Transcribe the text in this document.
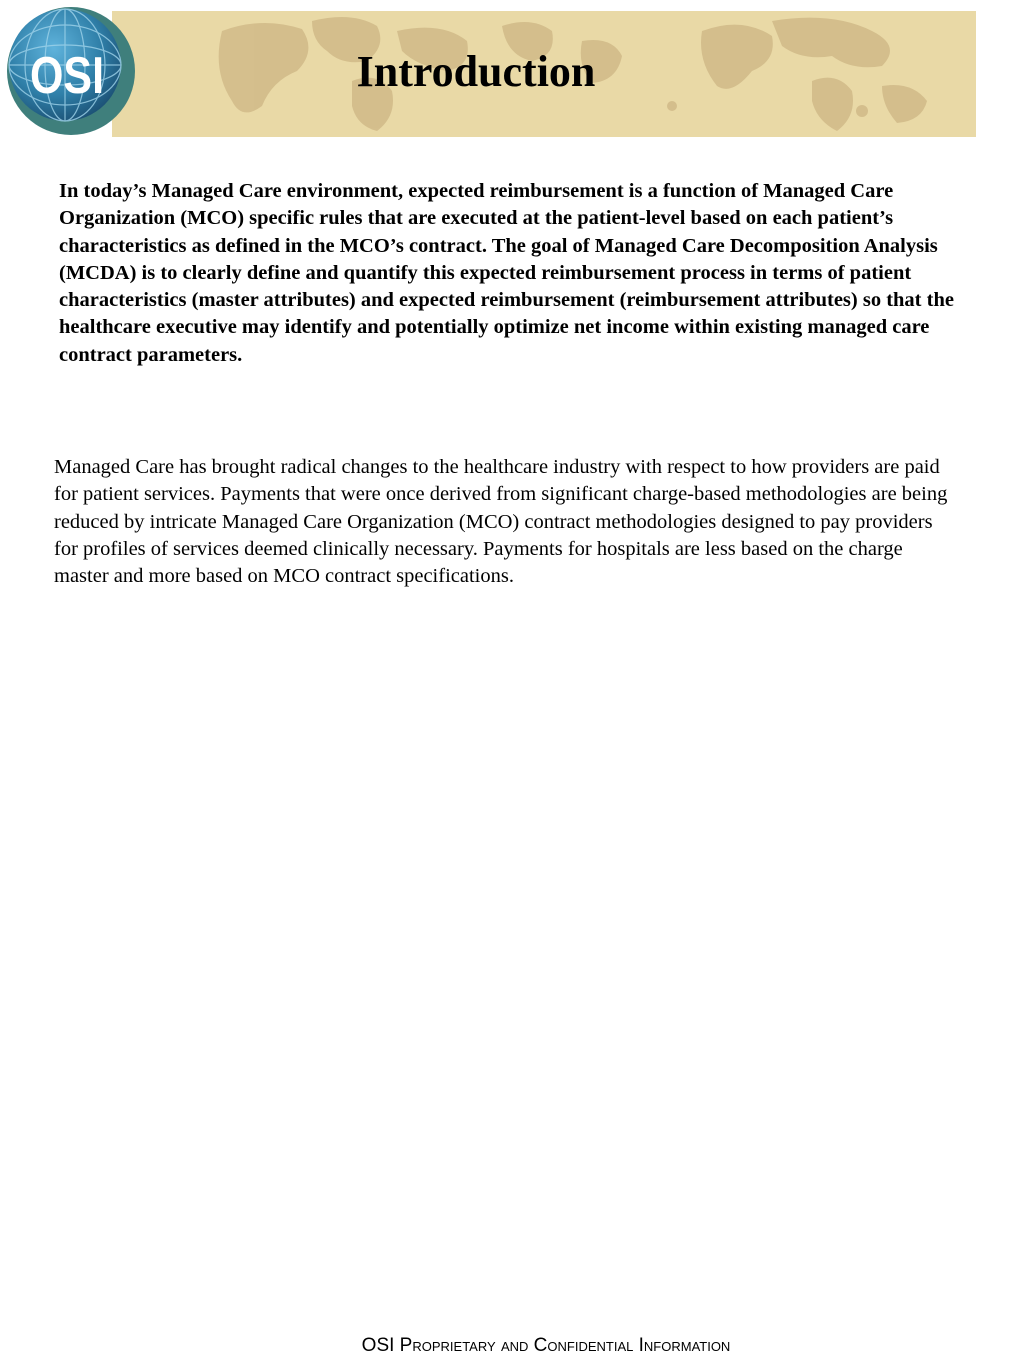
OSI	Introduction

In today’s Managed Care environment, expected reimbursement is a function of Managed Care Organization (MCO) specific rules that are executed at the patient-level based on each patient’s characteristics as defined in the MCO’s contract. The goal of Managed Care Decomposition Analysis (MCDA) is to clearly define and quantify this expected reimbursement process in terms of patient characteristics (master attributes) and expected reimbursement (reimbursement attributes) so that the healthcare executive may identify and potentially optimize net income within existing managed care contract parameters.

Managed Care has brought radical changes to the healthcare industry with respect to how providers are paid for patient services. Payments that were once derived from significant charge-based methodologies are being reduced by intricate Managed Care Organization (MCO) contract methodologies designed to pay providers for profiles of services deemed clinically necessary. Payments for hospitals are less based on the charge master and more based on MCO contract specifications.

OSI Proprietary and Confidential Information
